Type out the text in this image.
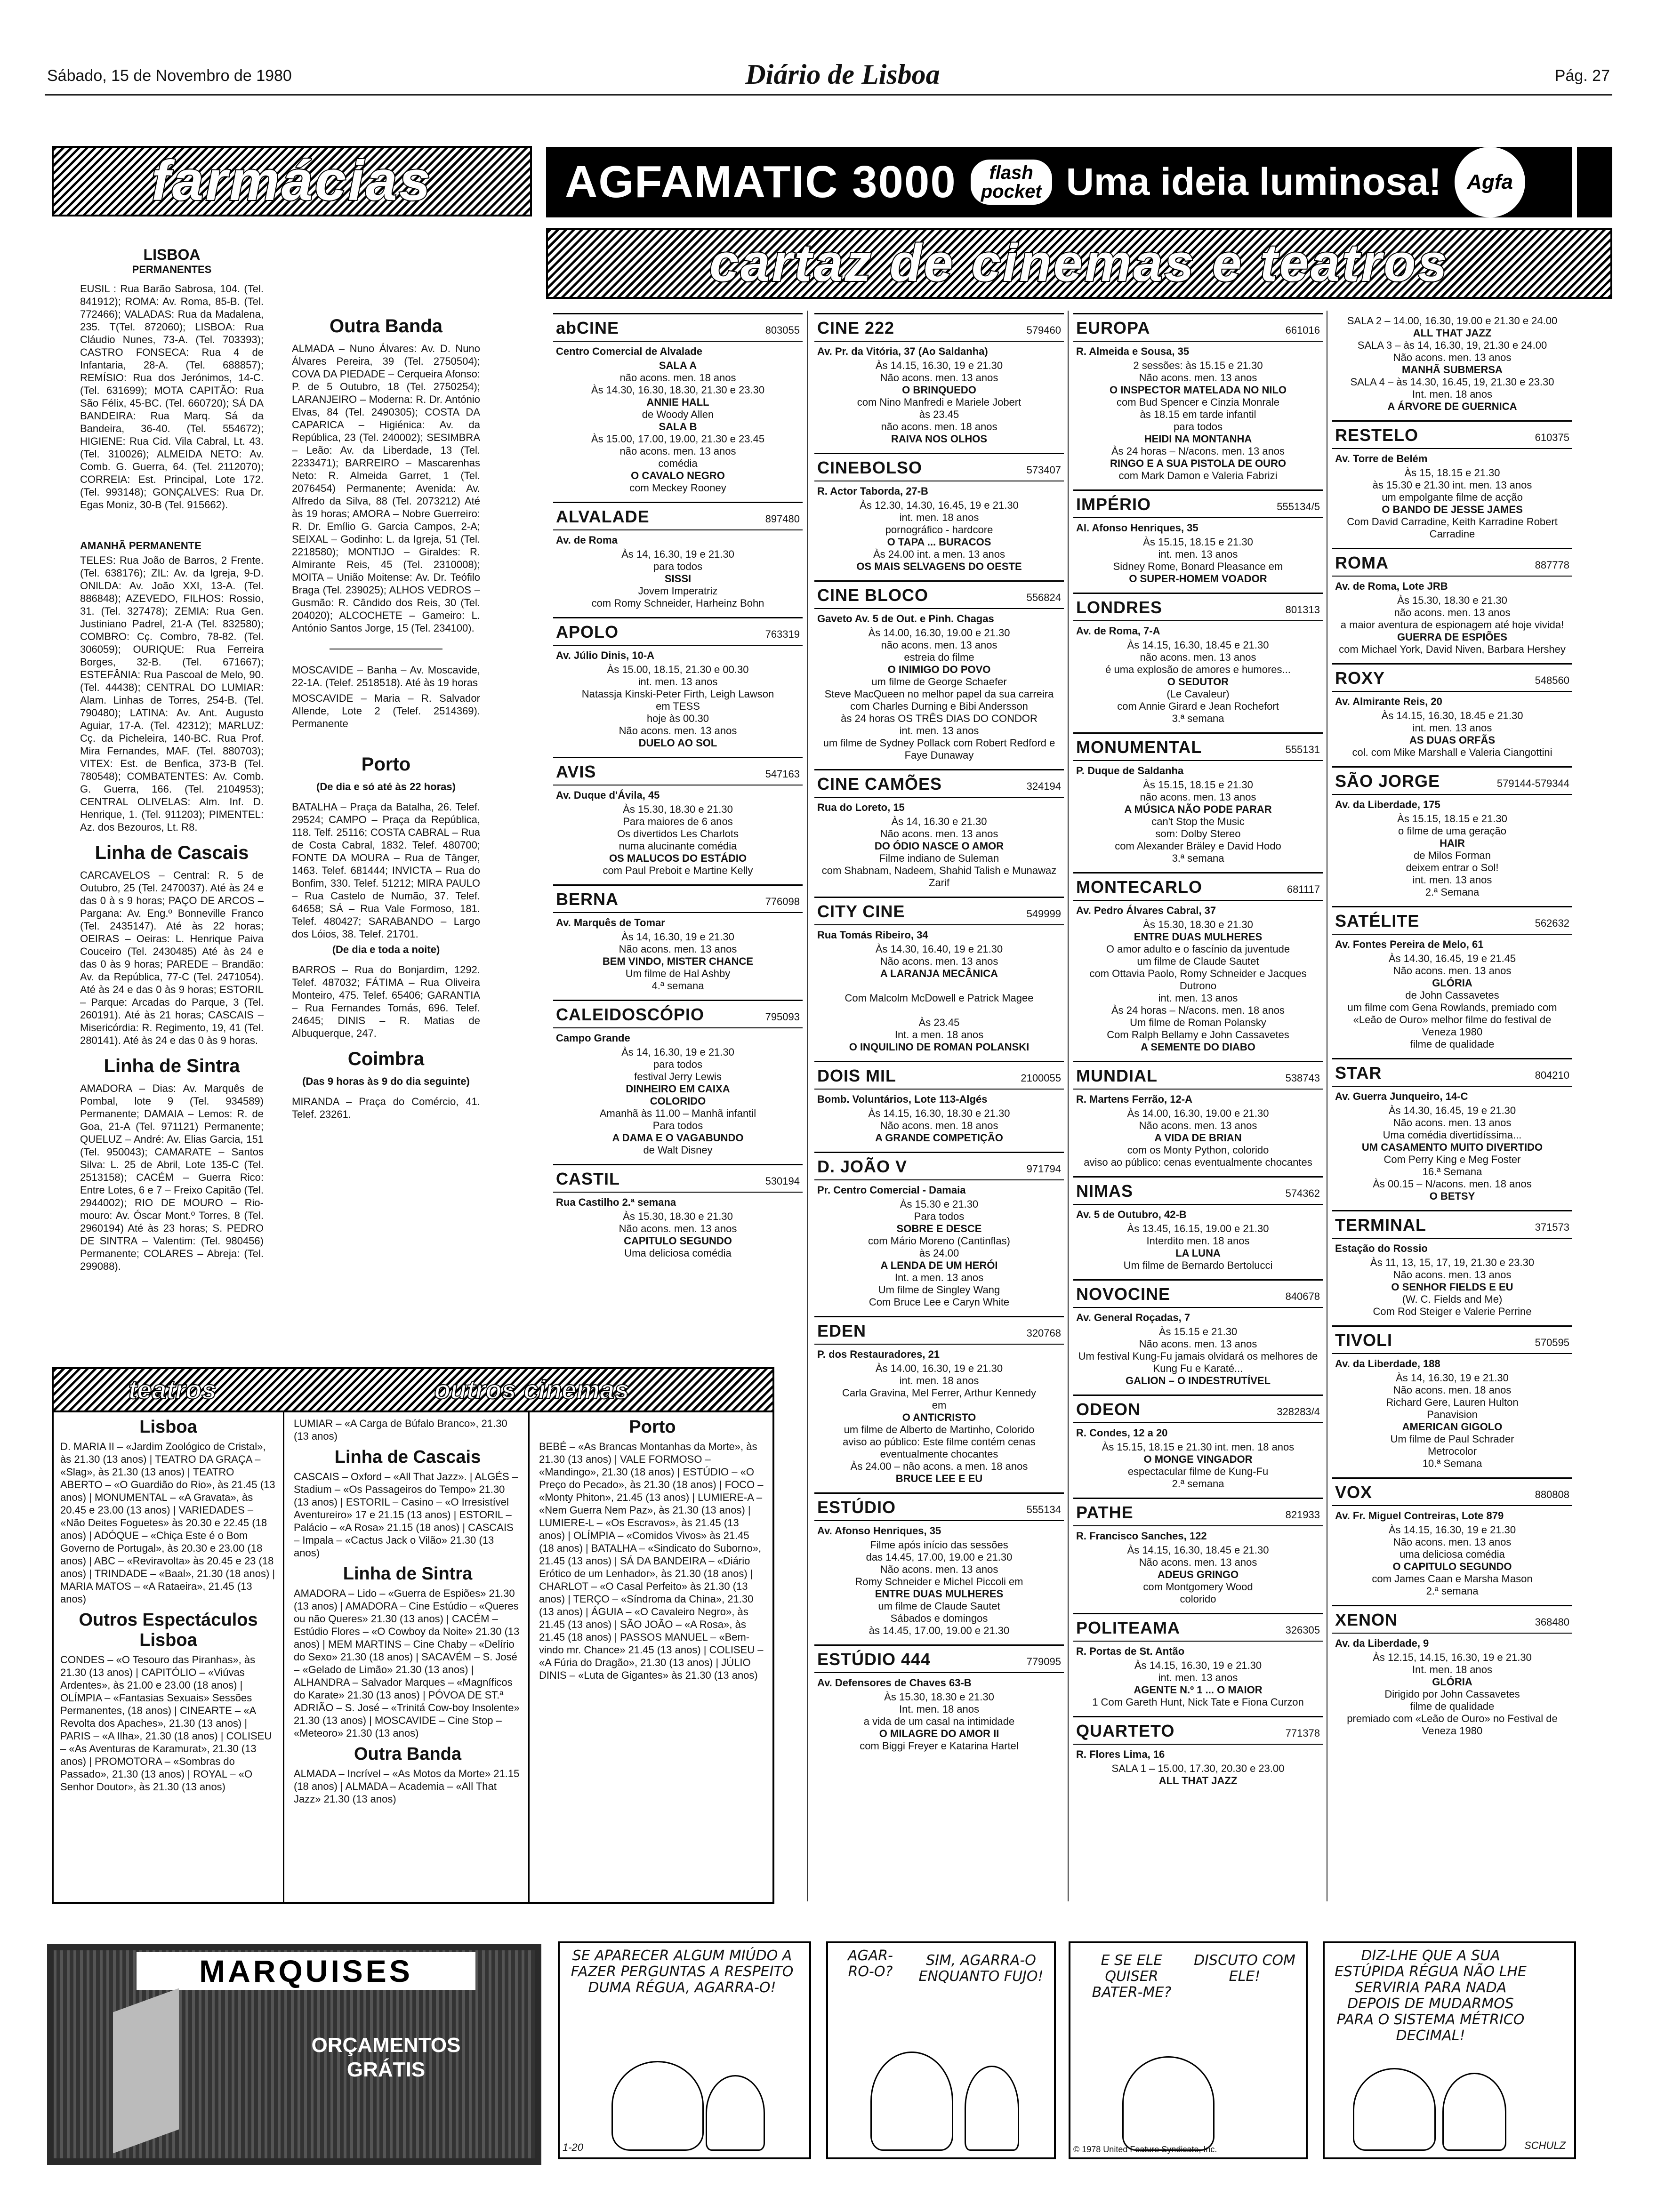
Sábado, 15 de Novembro de 1980	Diário de Lisboa	Pág. 27
farmácias
LISBOA
PERMANENTES

EUSIL : Rua Barão Sabrosa, 104. (Tel. 841912); ROMA: Av. Roma, 85-B. (Tel. 772466); VALADAS: Rua da Madalena, 235. T(Tel. 872060); LISBOA: Rua Cláudio Nunes, 73-A. (Tel. 703393); CASTRO FONSECA: Rua 4 de Infantaria, 28-A. (Tel. 688857); REMÍSIO: Rua dos Jerónimos, 14-C. (Tel. 631699); MOTA CAPITÃO: Rua São Félix, 45-BC. (Tel. 660720); SÁ DA BANDEIRA: Rua Marq. Sá da Bandeira, 36-40. (Tel. 554672); HIGIENE: Rua Cid. Vila Cabral, Lt. 43. (Tel. 310026); ALMEIDA NETO: Av. Comb. G. Guerra, 64. (Tel. 2112070); CORREIA: Est. Principal, Lote 172. (Tel. 993148); GONÇALVES: Rua Dr. Egas Moniz, 30-B (Tel. 915662).

AMANHÃ PERMANENTE

TELES: Rua João de Barros, 2 Frente. (Tel. 638176); ZIL: Av. da Igreja, 9-D. ONILDA: Av. João XXI, 13-A. (Tel. 886848); AZEVEDO, FILHOS: Rossio, 31. (Tel. 327478); ZEMIA: Rua Gen. Justiniano Padrel, 21-A (Tel. 832580); COMBRO: Cç. Combro, 78-82. (Tel. 306059); OURIQUE: Rua Ferreira Borges, 32-B. (Tel. 671667); ESTEFÂNIA: Rua Pascoal de Melo, 90. (Tel. 44438); CENTRAL DO LUMIAR: Alam. Linhas de Torres, 254-B. (Tel. 790480); LATINA: Av. Ant. Augusto Aguiar, 17-A. (Tel. 42312); MARLUZ: Cç. da Picheleira, 140-BC. Rua Prof. Mira Fernandes, MAF. (Tel. 880703); VITEX: Est. de Benfica, 373-B (Tel. 780548); COMBATENTES: Av. Comb. G. Guerra, 166. (Tel. 2104953); CENTRAL OLIVELAS: Alm. Inf. D. Henrique, 1. (Tel. 911203); PIMENTEL: Az. dos Bezouros, Lt. R8.

Linha de Cascais

CARCAVELOS – Central: R. 5 de Outubro, 25 (Tel. 2470037). Até às 24 e das 0 à s 9 horas; PAÇO DE ARCOS – Pargana: Av. Eng.º Bonneville Franco (Tel. 2435147). Até às 22 horas; OEIRAS – Oeiras: L. Henrique Paiva Couceiro (Tel. 2430485) Até às 24 e das 0 às 9 horas; PAREDE – Brandão: Av. da República, 77-C (Tel. 2471054). Até às 24 e das 0 às 9 horas; ESTORIL – Parque: Arcadas do Parque, 3 (Tel. 260191). Até às 21 horas; CASCAIS – Misericórdia: R. Regimento, 19, 41 (Tel. 280141). Até às 24 e das 0 às 9 horas.

Linha de Sintra

AMADORA – Dias: Av. Marquês de Pombal, lote 9 (Tel. 934589) Permanente; DAMAIA – Lemos: R. de Goa, 21-A (Tel. 971121) Permanente; QUELUZ – André: Av. Elias Garcia, 151 (Tel. 950043); CAMARATE – Santos Silva: L. 25 de Abril, Lote 135-C (Tel. 2513158); CACÉM – Guerra Rico: Entre Lotes, 6 e 7 – Freixo Capitão (Tel. 2944002); RIO DE MOURO – Rio-mouro: Av. Óscar Mont.º Torres, 8 (Tel. 2960194) Até às 23 horas; S. PEDRO DE SINTRA – Valentim: (Tel. 980456) Permanente; COLARES – Abreja: (Tel. 299088).

Outra Banda

ALMADA – Nuno Álvares: Av. D. Nuno Álvares Pereira, 39 (Tel. 2750504); COVA DA PIEDADE – Cerqueira Afonso: P. de 5 Outubro, 18 (Tel. 2750254); LARANJEIRO – Moderna: R. Dr. António Elvas, 84 (Tel. 2490305); COSTA DA CAPARICA – Higiénica: Av. da República, 23 (Tel. 240002); SESIMBRA – Leão: Av. da Liberdade, 13 (Tel. 2233471); BARREIRO – Mascarenhas Neto: R. Almeida Garret, 1 (Tel. 2076454) Permanente; Avenida: Av. Alfredo da Silva, 88 (Tel. 2073212) Até às 19 horas; AMORA – Nobre Guerreiro: R. Dr. Emílio G. Garcia Campos, 2-A; SEIXAL – Godinho: L. da Igreja, 51 (Tel. 2218580); MONTIJO – Giraldes: R. Almirante Reis, 45 (Tel. 2310008); MOITA – União Moitense: Av. Dr. Teófilo Braga (Tel. 239025); ALHOS VEDROS – Gusmão: R. Cândido dos Reis, 30 (Tel. 204020); ALCOCHETE – Gameiro: L. António Santos Jorge, 15 (Tel. 234100).

MOSCAVIDE – Banha – Av. Moscavide, 22-1A. (Telef. 2518518). Até às 19 horas

MOSCAVIDE – Maria – R. Salvador Allende, Lote 2 (Telef. 2514369). Permanente

Porto
(De dia e só até às 22 horas)

BATALHA – Praça da Batalha, 26. Telef. 29524; CAMPO – Praça da República, 118. Telf. 25116; COSTA CABRAL – Rua de Costa Cabral, 1832. Telef. 480700; FONTE DA MOURA – Rua de Tânger, 1463. Telef. 681444; INVICTA – Rua do Bonfim, 330. Telef. 51212; MIRA PAULO – Rua Castelo de Numão, 37. Telef. 64658; SÁ – Rua Vale Formoso, 181. Telef. 480427; SARABANDO – Largo dos Lóios, 38. Telef. 21701.

(De dia e toda a noite)

BARROS – Rua do Bonjardim, 1292. Telef. 487032; FÁTIMA – Rua Oliveira Monteiro, 475. Telef. 65406; GARANTIA – Rua Fernandes Tomás, 696. Telef. 24645; DINIS – R. Matias de Albuquerque, 247.

Coimbra
(Das 9 horas às 9 do dia seguinte)

MIRANDA – Praça do Comércio, 41. Telef. 23261.

AGFAMATIC 3000	flash
pocket Uma ideia luminosa!	Agfa
cartaz de cinemas e teatros
abCINE	803055
Centro Comercial de Alvalade
SALA A
não acons. men. 18 anos
Às 14.30, 16.30, 18.30, 21.30 e 23.30
ANNIE HALL
de Woody Allen
SALA B
Às 15.00, 17.00, 19.00, 21.30 e 23.45
não acons. men. 13 anos
comédia
O CAVALO NEGRO
com Meckey Rooney
ALVALADE	897480
Av. de Roma
Às 14, 16.30, 19 e 21.30
para todos
SISSI
Jovem Imperatriz
com Romy Schneider, Harheinz Bohn
APOLO	763319
Av. Júlio Dinis, 10-A
Às 15.00, 18.15, 21.30 e 00.30
int. men. 13 anos
Natassja Kinski-Peter Firth, Leigh Lawson
em TESS
hoje às 00.30
Não acons. men. 13 anos
DUELO AO SOL
AVIS	547163
Av. Duque d'Ávila, 45
Às 15.30, 18.30 e 21.30
Para maiores de 6 anos
Os divertidos Les Charlots
numa alucinante comédia
OS MALUCOS DO ESTÁDIO
com Paul Preboit e Martine Kelly
BERNA	776098
Av. Marquês de Tomar
Às 14, 16.30, 19 e 21.30
Não acons. men. 13 anos
BEM VINDO, MISTER CHANCE
Um filme de Hal Ashby
4.ª semana
CALEIDOSCÓPIO	795093
Campo Grande
Às 14, 16.30, 19 e 21.30
para todos
festival Jerry Lewis
DINHEIRO EM CAIXA
COLORIDO
Amanhã às 11.00 – Manhã infantil
Para todos
A DAMA E O VAGABUNDO
de Walt Disney
CASTIL	530194
Rua Castilho 2.ª semana
Às 15.30, 18.30 e 21.30
Não acons. men. 13 anos
CAPITULO SEGUNDO
Uma deliciosa comédia
CINE 222	579460
Av. Pr. da Vitória, 37 (Ao Saldanha)
Às 14.15, 16.30, 19 e 21.30
Não acons. men. 13 anos
O BRINQUEDO
com Nino Manfredi e Mariele Jobert
às 23.45
não acons. men. 18 anos
RAIVA NOS OLHOS
CINEBOLSO	573407
R. Actor Taborda, 27-B
Às 12.30, 14.30, 16.45, 19 e 21.30
int. men. 18 anos
pornográfico - hardcore
O TAPA ... BURACOS
Às 24.00 int. a men. 13 anos
OS MAIS SELVAGENS DO OESTE
CINE BLOCO	556824
Gaveto Av. 5 de Out. e Pinh. Chagas
Às 14.00, 16.30, 19.00 e 21.30
não acons. men. 13 anos
estreia do filme
O INIMIGO DO POVO
um filme de George Schaefer
Steve MacQueen no melhor papel da sua carreira
com Charles Durning e Bibi Andersson
às 24 horas OS TRÊS DIAS DO CONDOR
int. men. 13 anos
um filme de Sydney Pollack com Robert Redford e Faye Dunaway
CINE CAMÕES	324194
Rua do Loreto, 15
Às 14, 16.30 e 21.30
Não acons. men. 13 anos
DO ÓDIO NASCE O AMOR
Filme indiano de Suleman
com Shabnam, Nadeem, Shahid Talish e Munawaz Zarif
CITY CINE	549999
Rua Tomás Ribeiro, 34
Às 14.30, 16.40, 19 e 21.30
Não acons. men. 13 anos
A LARANJA MECÂNICA

Com Malcolm McDowell e Patrick Magee

Às 23.45
Int. a men. 18 anos
O INQUILINO DE ROMAN POLANSKI
DOIS MIL	2100055
Bomb. Voluntários, Lote 113-Algés
Às 14.15, 16.30, 18.30 e 21.30
Não acons. men. 18 anos
A GRANDE COMPETIÇÃO
D. JOÃO V	971794
Pr. Centro Comercial - Damaia
Às 15.30 e 21.30
Para todos
SOBRE E DESCE
com Mário Moreno (Cantinflas)
às 24.00
A LENDA DE UM HERÓI
Int. a men. 13 anos
Um filme de Singley Wang
Com Bruce Lee e Caryn White
EDEN	320768
P. dos Restauradores, 21
Às 14.00, 16.30, 19 e 21.30
int. men. 18 anos
Carla Gravina, Mel Ferrer, Arthur Kennedy
em
O ANTICRISTO
um filme de Alberto de Martinho, Colorido
aviso ao público: Este filme contém cenas eventualmente chocantes
Às 24.00 – não acons. a men. 18 anos
BRUCE LEE E EU
ESTÚDIO	555134
Av. Afonso Henriques, 35
Filme após início das sessões
das 14.45, 17.00, 19.00 e 21.30
Não acons. men. 13 anos
Romy Schneider e Michel Piccoli em
ENTRE DUAS MULHERES
um filme de Claude Sautet
Sábados e domingos
às 14.45, 17.00, 19.00 e 21.30
ESTÚDIO 444	779095
Av. Defensores de Chaves 63-B
Às 15.30, 18.30 e 21.30
Int. men. 18 anos
a vida de um casal na intimidade
O MILAGRE DO AMOR II
com Biggi Freyer e Katarina Hartel
EUROPA	661016
R. Almeida e Sousa, 35
2 sessões: às 15.15 e 21.30
Não acons. men. 13 anos
O INSPECTOR MATELADA NO NILO
com Bud Spencer e Cinzia Monrale
às 18.15 em tarde infantil
para todos
HEIDI NA MONTANHA
Às 24 horas – N/acons. men. 13 anos
RINGO E A SUA PISTOLA DE OURO
com Mark Damon e Valeria Fabrizi
IMPÉRIO	555134/5
Al. Afonso Henriques, 35
Às 15.15, 18.15 e 21.30
int. men. 13 anos
Sidney Rome, Bonard Pleasance em
O SUPER-HOMEM VOADOR
LONDRES	801313
Av. de Roma, 7-A
Às 14.15, 16.30, 18.45 e 21.30
não acons. men. 13 anos
é uma explosão de amores e humores...
O SEDUTOR
(Le Cavaleur)
com Annie Girard e Jean Rochefort
3.ª semana
MONUMENTAL	555131
P. Duque de Saldanha
Às 15.15, 18.15 e 21.30
não acons. men. 13 anos
A MÚSICA NÃO PODE PARAR
can't Stop the Music
som: Dolby Stereo
com Alexander Bräley e David Hodo
3.ª semana
MONTECARLO	681117
Av. Pedro Álvares Cabral, 37
Às 15.30, 18.30 e 21.30
ENTRE DUAS MULHERES
O amor adulto e o fascínio da juventude
um filme de Claude Sautet
com Ottavia Paolo, Romy Schneider e Jacques Dutrono
int. men. 13 anos
Às 24 horas – N/acons. men. 18 anos
Um filme de Roman Polansky
Com Ralph Bellamy e John Cassavetes
A SEMENTE DO DIABO
MUNDIAL	538743
R. Martens Ferrão, 12-A
Às 14.00, 16.30, 19.00 e 21.30
Não acons. men. 13 anos
A VIDA DE BRIAN
com os Monty Python, colorido
aviso ao público: cenas eventualmente chocantes
NIMAS	574362
Av. 5 de Outubro, 42-B
Às 13.45, 16.15, 19.00 e 21.30
Interdito men. 18 anos
LA LUNA
Um filme de Bernardo Bertolucci
NOVOCINE	840678
Av. General Roçadas, 7
Às 15.15 e 21.30
Não acons. men. 13 anos
Um festival Kung-Fu jamais olvidará os melhores de Kung Fu e Karaté...
GALION – O INDESTRUTÍVEL
ODEON	328283/4
R. Condes, 12 a 20
Às 15.15, 18.15 e 21.30 int. men. 18 anos
O MONGE VINGADOR
espectacular filme de Kung-Fu
2.ª semana
PATHE	821933
R. Francisco Sanches, 122
Às 14.15, 16.30, 18.45 e 21.30
Não acons. men. 13 anos
ADEUS GRINGO
com Montgomery Wood
colorido
POLITEAMA	326305
R. Portas de St. Antão
Às 14.15, 16.30, 19 e 21.30
int. men. 13 anos
AGENTE N.º 1 ... O MAIOR
1 Com Gareth Hunt, Nick Tate e Fiona Curzon
QUARTETO	771378
R. Flores Lima, 16
SALA 1 – 15.00, 17.30, 20.30 e 23.00
ALL THAT JAZZ
SALA 2 – 14.00, 16.30, 19.00 e 21.30 e 24.00
ALL THAT JAZZ
SALA 3 – às 14, 16.30, 19, 21.30 e 24.00
Não acons. men. 13 anos
MANHÃ SUBMERSA
SALA 4 – às 14.30, 16.45, 19, 21.30 e 23.30
Int. men. 18 anos
A ÁRVORE DE GUERNICA
RESTELO	610375
Av. Torre de Belém
Às 15, 18.15 e 21.30
às 15.30 e 21.30 int. men. 13 anos
um empolgante filme de acção
O BANDO DE JESSE JAMES
Com David Carradine, Keith Karradine Robert Carradine
ROMA	887778
Av. de Roma, Lote JRB
Às 15.30, 18.30 e 21.30
não acons. men. 13 anos
a maior aventura de espionagem até hoje vivida!
GUERRA DE ESPIÕES
com Michael York, David Niven, Barbara Hershey
ROXY	548560
Av. Almirante Reis, 20
Às 14.15, 16.30, 18.45 e 21.30
int. men. 13 anos
AS DUAS ORFÃS
col. com Mike Marshall e Valeria Ciangottini
SÃO JORGE	579144-579344
Av. da Liberdade, 175
Às 15.15, 18.15 e 21.30
o filme de uma geração
HAIR
de Milos Forman
deixem entrar o Sol!
int. men. 13 anos
2.ª Semana
SATÉLITE	562632
Av. Fontes Pereira de Melo, 61
Às 14.30, 16.45, 19 e 21.45
Não acons. men. 13 anos
GLÓRIA
de John Cassavetes
um filme com Gena Rowlands, premiado com «Leão de Ouro» melhor filme do festival de Veneza 1980
filme de qualidade
STAR	804210
Av. Guerra Junqueiro, 14-C
Às 14.30, 16.45, 19 e 21.30
Não acons. men. 13 anos
Uma comédia divertidíssima...
UM CASAMENTO MUITO DIVERTIDO
Com Perry King e Meg Foster
16.ª Semana
Às 00.15 – N/acons. men. 18 anos
O BETSY
TERMINAL	371573
Estação do Rossio
Às 11, 13, 15, 17, 19, 21.30 e 23.30
Não acons. men. 13 anos
O SENHOR FIELDS E EU
(W. C. Fields and Me)
Com Rod Steiger e Valerie Perrine
TIVOLI	570595
Av. da Liberdade, 188
Às 14, 16.30, 19 e 21.30
Não acons. men. 18 anos
Richard Gere, Lauren Hulton
Panavision
AMERICAN GIGOLO
Um filme de Paul Schrader
Metrocolor
10.ª Semana
VOX	880808
Av. Fr. Miguel Contreiras, Lote 879
Às 14.15, 16.30, 19 e 21.30
Não acons. men. 13 anos
uma deliciosa comédia
O CAPITULO SEGUNDO
com James Caan e Marsha Mason
2.ª semana
XENON	368480
Av. da Liberdade, 9
Às 12.15, 14.15, 16.30, 19 e 21.30
Int. men. 18 anos
GLÓRIA
Dirigido por John Cassavetes
filme de qualidade
premiado com «Leão de Ouro» no Festival de Veneza 1980
teatros	outros cinemas
Lisboa
D. MARIA II – «Jardim Zoológico de Cristal», às 21.30 (13 anos) | TEATRO DA GRAÇA – «Slag», às 21.30 (13 anos) | TEATRO ABERTO – «O Guardião do Rio», às 21.45 (13 anos) | MONUMENTAL – «A Gravata», às 20.45 e 23.00 (13 anos) | VARIEDADES – «Não Deites Foguetes» às 20.30 e 22.45 (18 anos) | ADÓQUE – «Chiça Este é o Bom Governo de Portugal», às 20.30 e 23.00 (18 anos) | ABC – «Reviravolta» às 20.45 e 23 (18 anos) | TRINDADE – «Baal», 21.30 (18 anos) | MARIA MATOS – «A Rataeira», 21.45 (13 anos)
Outros Espectáculos Lisboa
CONDES – «O Tesouro das Piranhas», às 21.30 (13 anos) | CAPITÓLIO – «Viúvas Ardentes», às 21.00 e 23.00 (18 anos) | OLÍMPIA – «Fantasias Sexuais» Sessões Permanentes, (18 anos) | CINEARTE – «A Revolta dos Apaches», 21.30 (13 anos) | PARIS – «A Ilha», 21.30 (18 anos) | COLISEU – «As Aventuras de Karamurat», 21.30 (13 anos) | PROMOTORA – «Sombras do Passado», 21.30 (13 anos) | ROYAL – «O Senhor Doutor», às 21.30 (13 anos)
LUMIAR – «A Carga de Búfalo Branco», 21.30 (13 anos)
Linha de Cascais
CASCAIS – Oxford – «All That Jazz». | ALGÉS – Stadium – «Os Passageiros do Tempo» 21.30 (13 anos) | ESTORIL – Casino – «O Irresistível Aventureiro» 17 e 21.15 (13 anos) | ESTORIL – Palácio – «A Rosa» 21.15 (18 anos) | CASCAIS – Impala – «Cactus Jack o Vilão» 21.30 (13 anos)
Linha de Sintra
AMADORA – Lido – «Guerra de Espiões» 21.30 (13 anos) | AMADORA – Cine Estúdio – «Queres ou não Queres» 21.30 (13 anos) | CACÉM – Estúdio Flores – «O Cowboy da Noite» 21.30 (13 anos) | MEM MARTINS – Cine Chaby – «Delírio do Sexo» 21.30 (18 anos) | SACAVÉM – S. José – «Gelado de Limão» 21.30 (13 anos) | ALHANDRA – Salvador Marques – «Magníficos do Karate» 21.30 (13 anos) | PÓVOA DE ST.ª ADRIÃO – S. José – «Trinitá Cow-boy Insolente» 21.30 (13 anos) | MOSCAVIDE – Cine Stop – «Meteoro» 21.30 (13 anos)
Outra Banda
ALMADA – Incrível – «As Motos da Morte» 21.15 (18 anos) | ALMADA – Academia – «All That Jazz» 21.30 (13 anos)
Porto
BEBÉ – «As Brancas Montanhas da Morte», às 21.30 (13 anos) | VALE FORMOSO – «Mandingo», 21.30 (18 anos) | ESTÚDIO – «O Preço do Pecado», às 21.30 (18 anos) | FOCO – «Monty Phiton», 21.45 (13 anos) | LUMIERE-A – «Nem Guerra Nem Paz», às 21.30 (13 anos) | LUMIERE-L – «Os Escravos», às 21.45 (13 anos) | OLÍMPIA – «Comidos Vivos» às 21.45 (18 anos) | BATALHA – «Sindicato do Suborno», 21.45 (13 anos) | SÁ DA BANDEIRA – «Diário Erótico de um Lenhador», às 21.30 (18 anos) | CHARLOT – «O Casal Perfeito» às 21.30 (13 anos) | TERÇO – «Síndroma da China», 21.30 (13 anos) | ÁGUIA – «O Cavaleiro Negro», às 21.45 (13 anos) | SÃO JOÃO – «A Rosa», às 21.45 (18 anos) | PASSOS MANUEL – «Bem-vindo mr. Chance» 21.45 (13 anos) | COLISEU – «A Fúria do Dragão», 21.30 (13 anos) | JÚLIO DINIS – «Luta de Gigantes» às 21.30 (13 anos)
MARQUISES
ORÇAMENTOS
GRÁTIS
SE APARECER ALGUM MIÚDO A FAZER PERGUNTAS A RESPEITO DUMA RÉGUA, AGARRA-O!
1-20
AGAR-RO-O?
SIM, AGARRA-O ENQUANTO FUJO!
E SE ELE QUISER BATER-ME?
DISCUTO COM ELE!
© 1978 United Feature Syndicate, Inc.
DIZ-LHE QUE A SUA ESTÚPIDA RÉGUA NÃO LHE SERVIRIA PARA NADA DEPOIS DE MUDARMOS PARA O SISTEMA MÉTRICO DECIMAL!
SCHULZ
